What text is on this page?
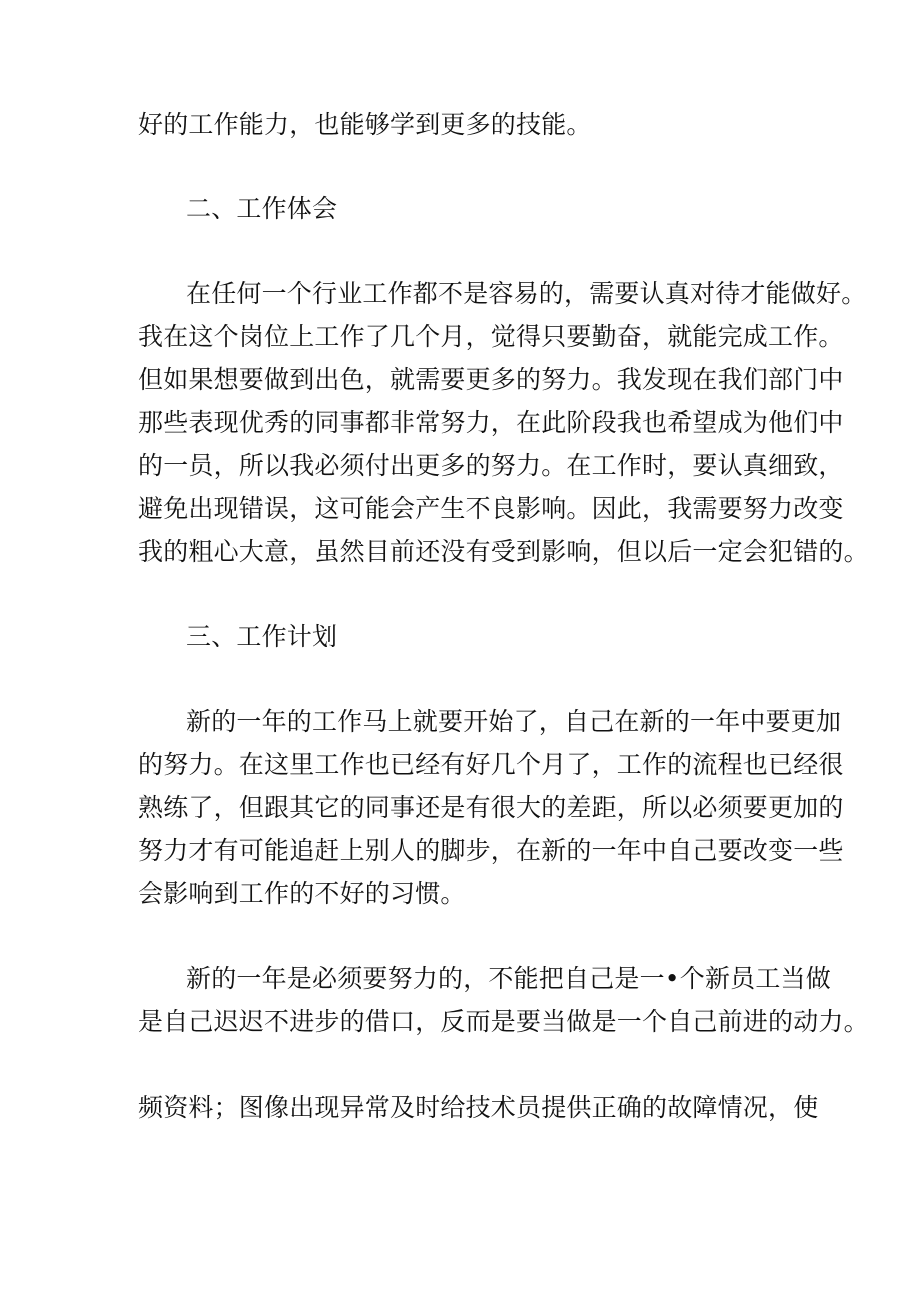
好的工作能力，也能够学到更多的技能。
二、工作体会
在任何一个行业工作都不是容易的，需要认真对待才能做好。
我在这个岗位上工作了几个月，觉得只要勤奋，就能完成工作。
但如果想要做到出色，就需要更多的努力。我发现在我们部门中
那些表现优秀的同事都非常努力，在此阶段我也希望成为他们中
的一员，所以我必须付出更多的努力。在工作时，要认真细致，
避免出现错误，这可能会产生不良影响。因此，我需要努力改变
我的粗心大意，虽然目前还没有受到影响，但以后一定会犯错的。
三、工作计划
新的一年的工作马上就要开始了，自己在新的一年中要更加
的努力。在这里工作也已经有好几个月了，工作的流程也已经很
熟练了，但跟其它的同事还是有很大的差距，所以必须要更加的
努力才有可能追赶上别人的脚步，在新的一年中自己要改变一些
会影响到工作的不好的习惯。
新的一年是必须要努力的，不能把自己是一•个新员工当做
是自己迟迟不进步的借口，反而是要当做是一个自己前进的动力。
频资料；图像出现异常及时给技术员提供正确的故障情况，使
